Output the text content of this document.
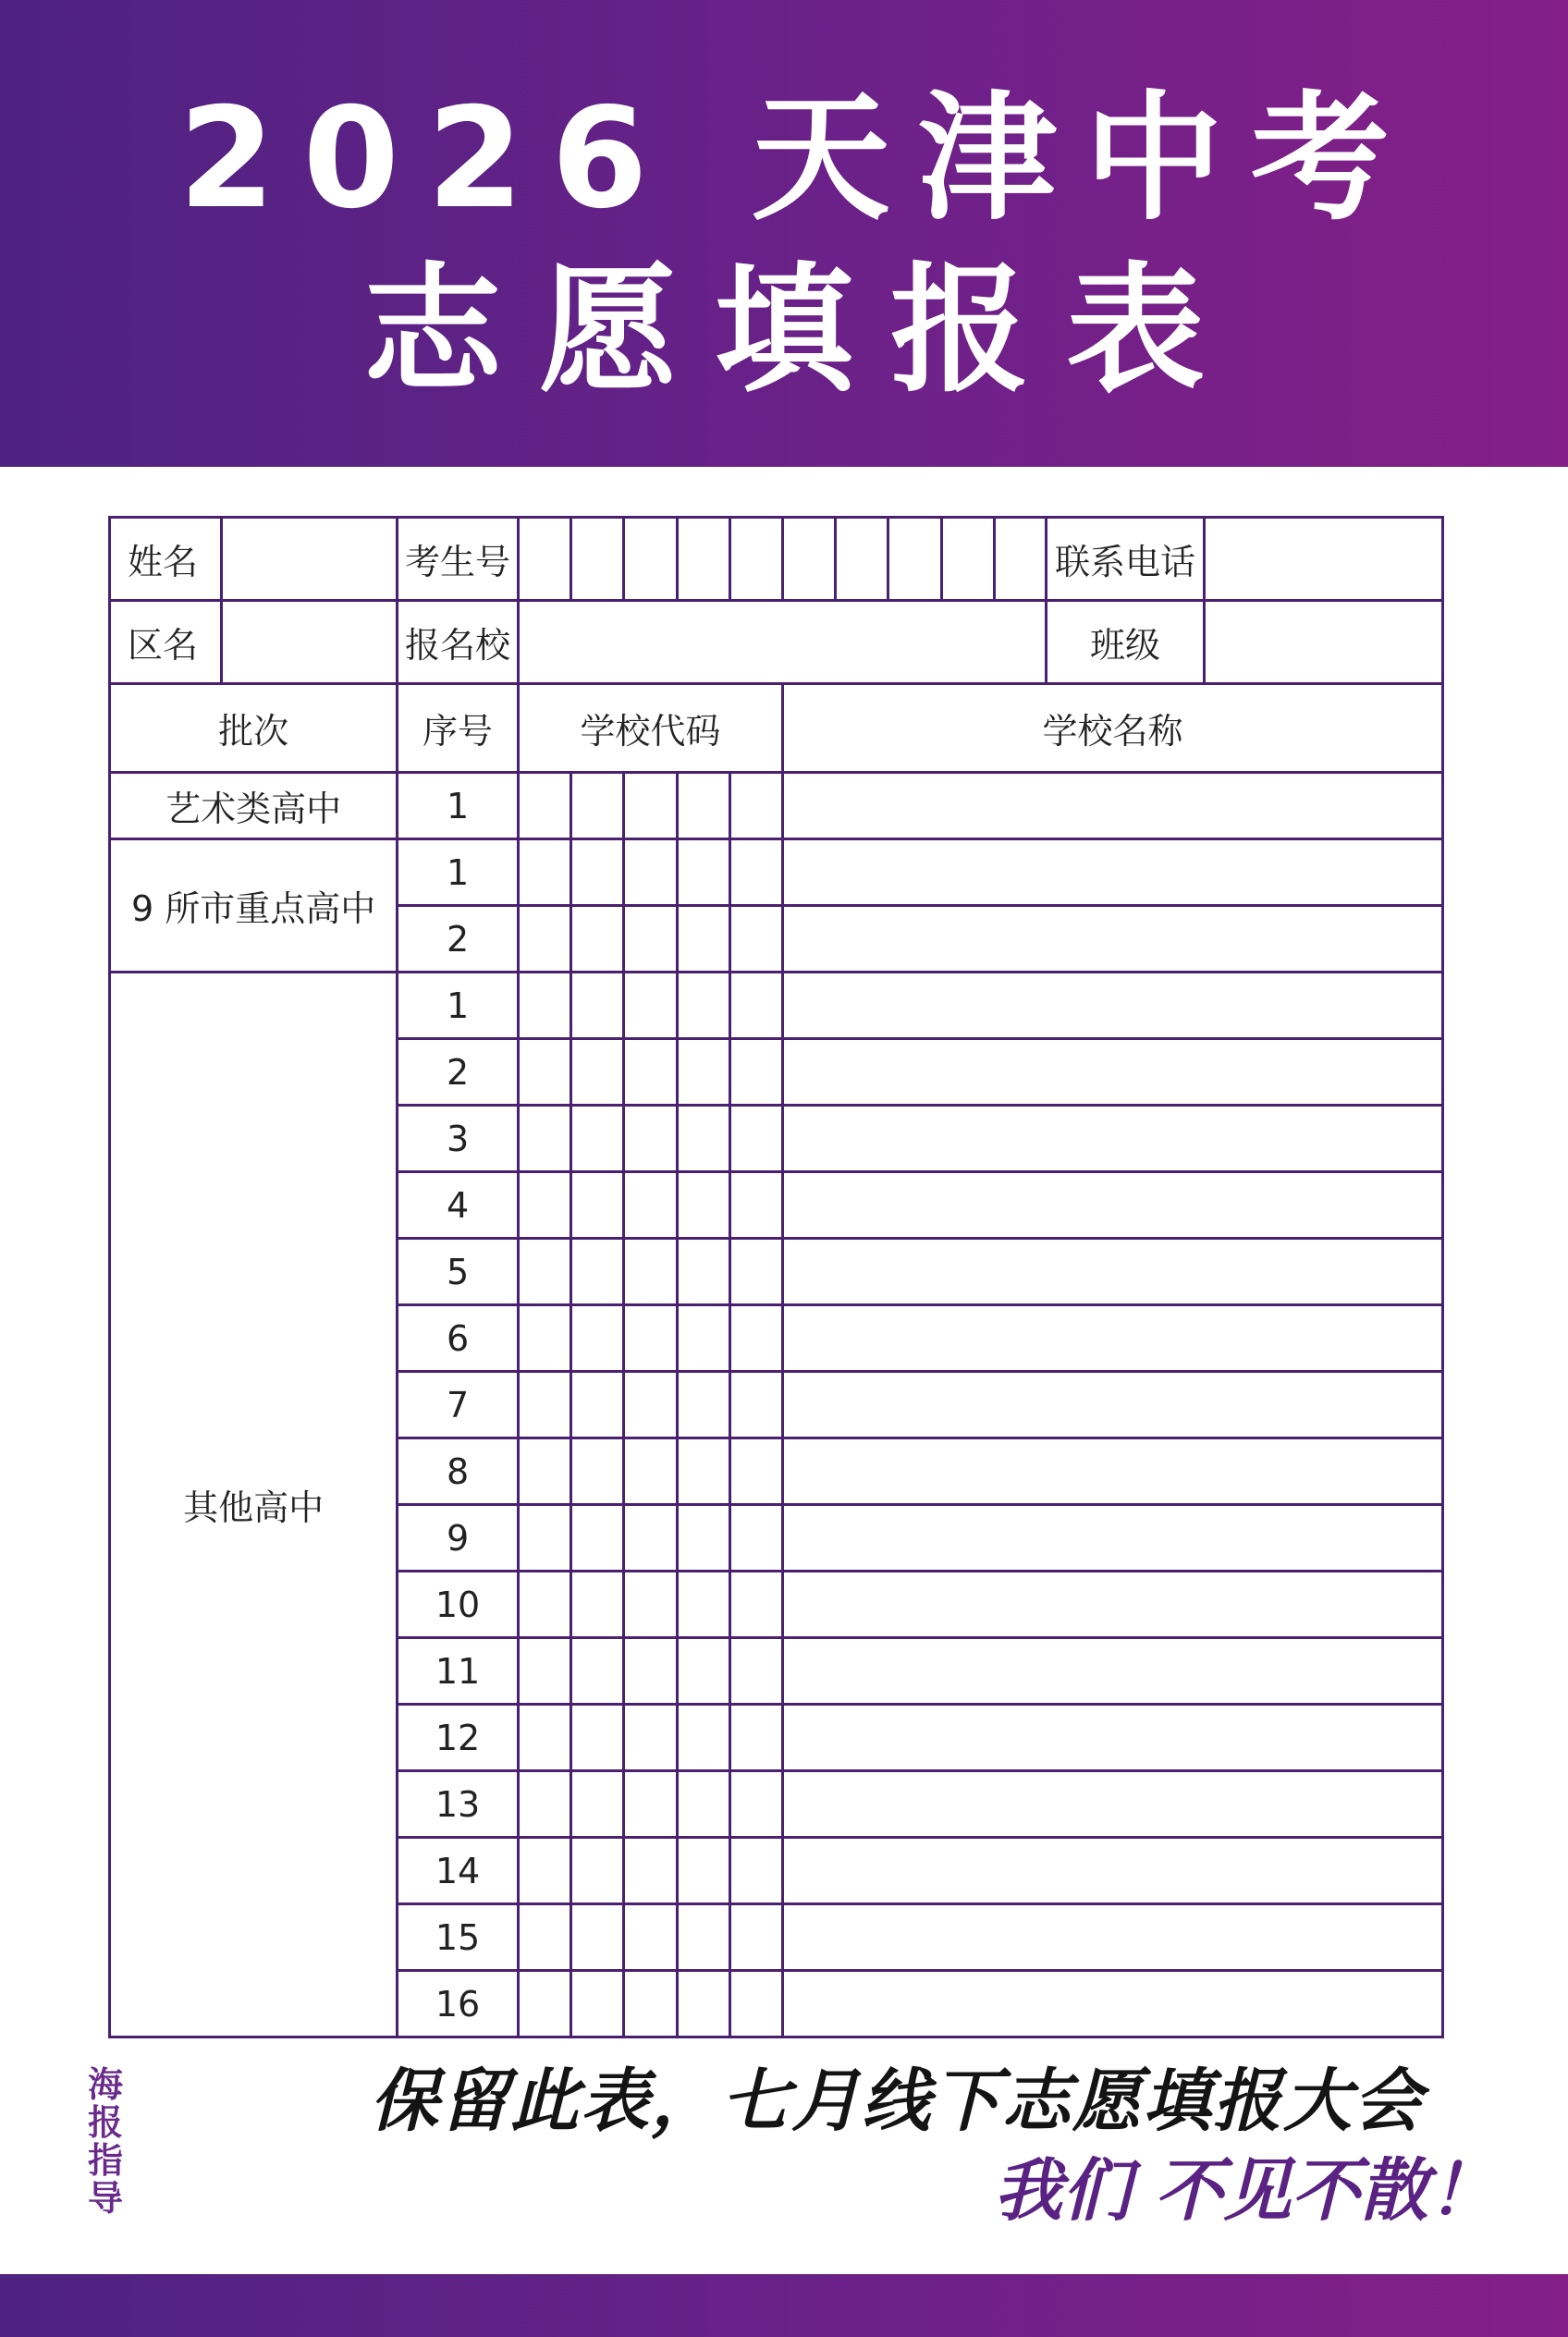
2026 天津中考
志愿填报表
姓名		考生号											联系电话	
区名		报名校											班级	
批次		序号	学校代码					学校名称						
艺术类高中		1												
9 所市重点高中		1												
		2												
其他高中		1												
		2												
		3												
		4												
		5												
		6												
		7												
		8												
		9												
		10												
		11												
		12												
		13												
		14												
		15												
		16												
海
报
指
导
保留此表，七月线下志愿填报大会
我们 不见不散！
